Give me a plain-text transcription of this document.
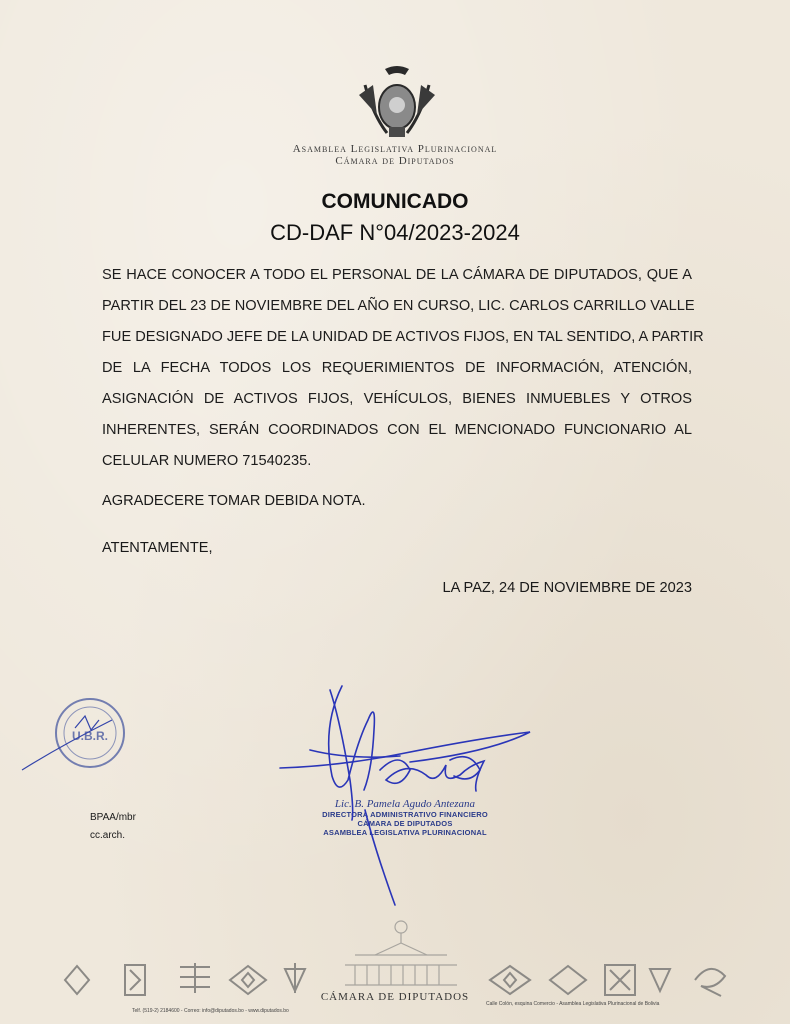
Asamblea Legislativa Plurinacional
Cámara de Diputados
COMUNICADO
CD-DAF N°04/2023-2024
SE HACE CONOCER A TODO EL PERSONAL DE LA CÁMARA DE DIPUTADOS, QUE A
PARTIR DEL 23 DE NOVIEMBRE DEL AÑO EN CURSO, LIC. CARLOS CARRILLO VALLE
FUE DESIGNADO JEFE DE LA UNIDAD DE ACTIVOS FIJOS, EN TAL SENTIDO, A PARTIR
DE LA FECHA TODOS LOS REQUERIMIENTOS DE INFORMACIÓN, ATENCIÓN,
ASIGNACIÓN DE ACTIVOS FIJOS, VEHÍCULOS, BIENES INMUEBLES Y OTROS
INHERENTES, SERÁN COORDINADOS CON EL MENCIONADO FUNCIONARIO AL
CELULAR NUMERO 71540235.
AGRADECERE TOMAR DEBIDA NOTA.
ATENTAMENTE,
LA PAZ, 24 DE NOVIEMBRE DE 2023
U.B.R.
BPAA/mbr
cc.arch.
Lic. B. Pamela Agudo Antezana
DIRECTORA ADMINISTRATIVO FINANCIERO
CÁMARA DE DIPUTADOS
ASAMBLEA LEGISLATIVA PLURINACIONAL
CÁMARA DE DIPUTADOS
Telf. (519-2) 2184600 - Correo: info@diputados.bo - www.diputados.bo
Calle Colón, esquina Comercio - Asamblea Legislativa Plurinacional de Bolivia
